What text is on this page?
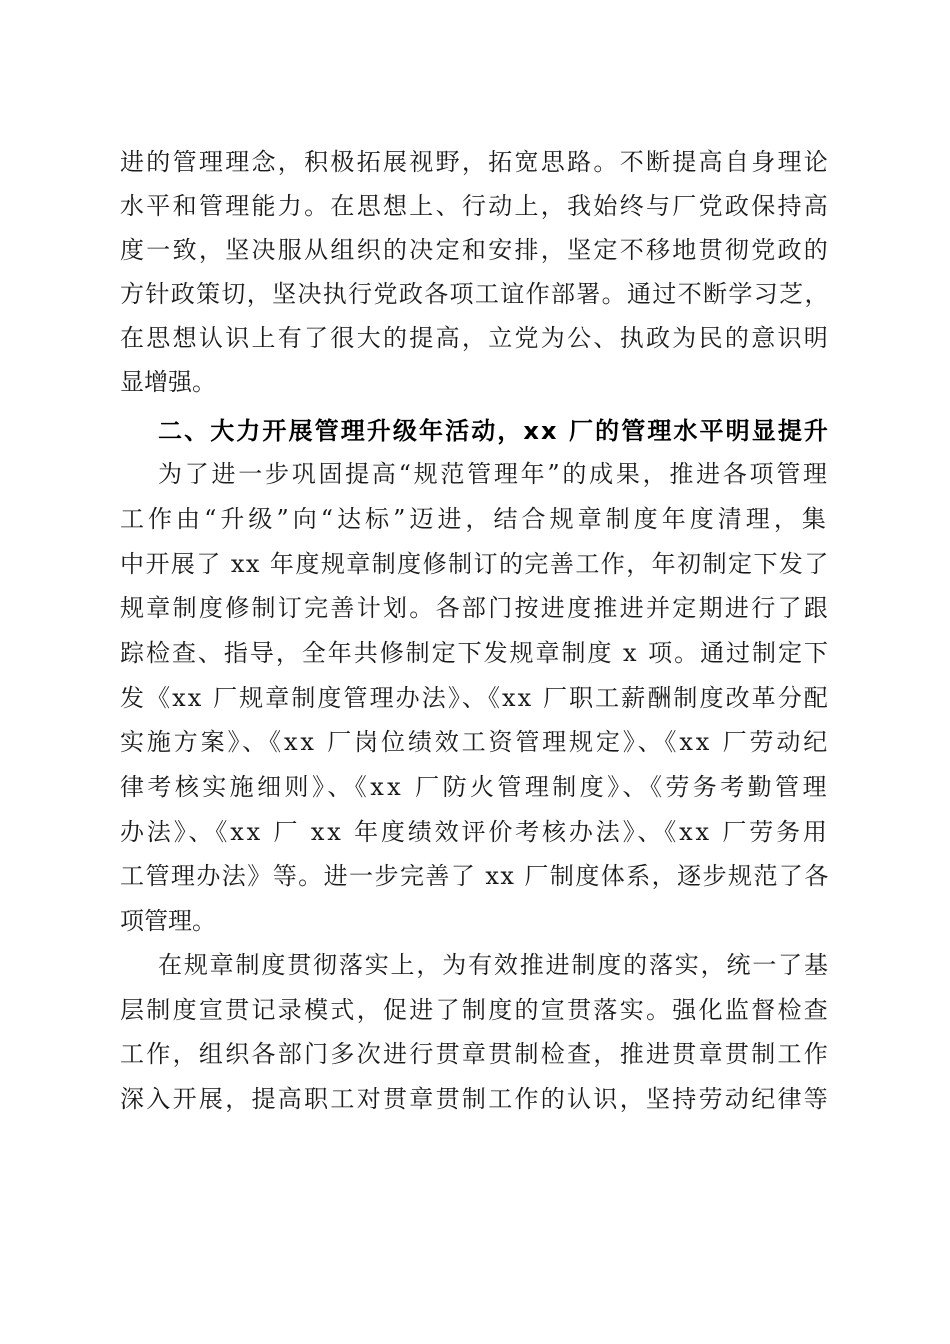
进的管理理念，积极拓展视野，拓宽思路。不断提高自身理论
水平和管理能力。在思想上、行动上，我始终与厂党政保持高
度一致，坚决服从组织的决定和安排，坚定不移地贯彻党政的
方针政策切，坚决执行党政各项工谊作部署。通过不断学习芝，
在思想认识上有了很大的提高，立党为公、执政为民的意识明
显增强。
二、大力开展管理升级年活动，xx 厂的管理水平明显提升
为了进一步巩固提高“规范管理年”的成果，推进各项管理
工作由“升级”向“达标”迈进，结合规章制度年度清理，集
中开展了 xx 年度规章制度修制订的完善工作，年初制定下发了
规章制度修制订完善计划。各部门按进度推进并定期进行了跟
踪检查、指导，全年共修制定下发规章制度 x 项。通过制定下
发《xx 厂规章制度管理办法》、《xx 厂职工薪酬制度改革分配
实施方案》、《xx 厂岗位绩效工资管理规定》、《xx 厂劳动纪
律考核实施细则》、《xx 厂防火管理制度》、《劳务考勤管理
办法》、《xx 厂 xx 年度绩效评价考核办法》、《xx 厂劳务用
工管理办法》等。进一步完善了 xx 厂制度体系，逐步规范了各
项管理。
在规章制度贯彻落实上，为有效推进制度的落实，统一了基
层制度宣贯记录模式，促进了制度的宣贯落实。强化监督检查
工作，组织各部门多次进行贯章贯制检查，推进贯章贯制工作
深入开展，提高职工对贯章贯制工作的认识，坚持劳动纪律等
